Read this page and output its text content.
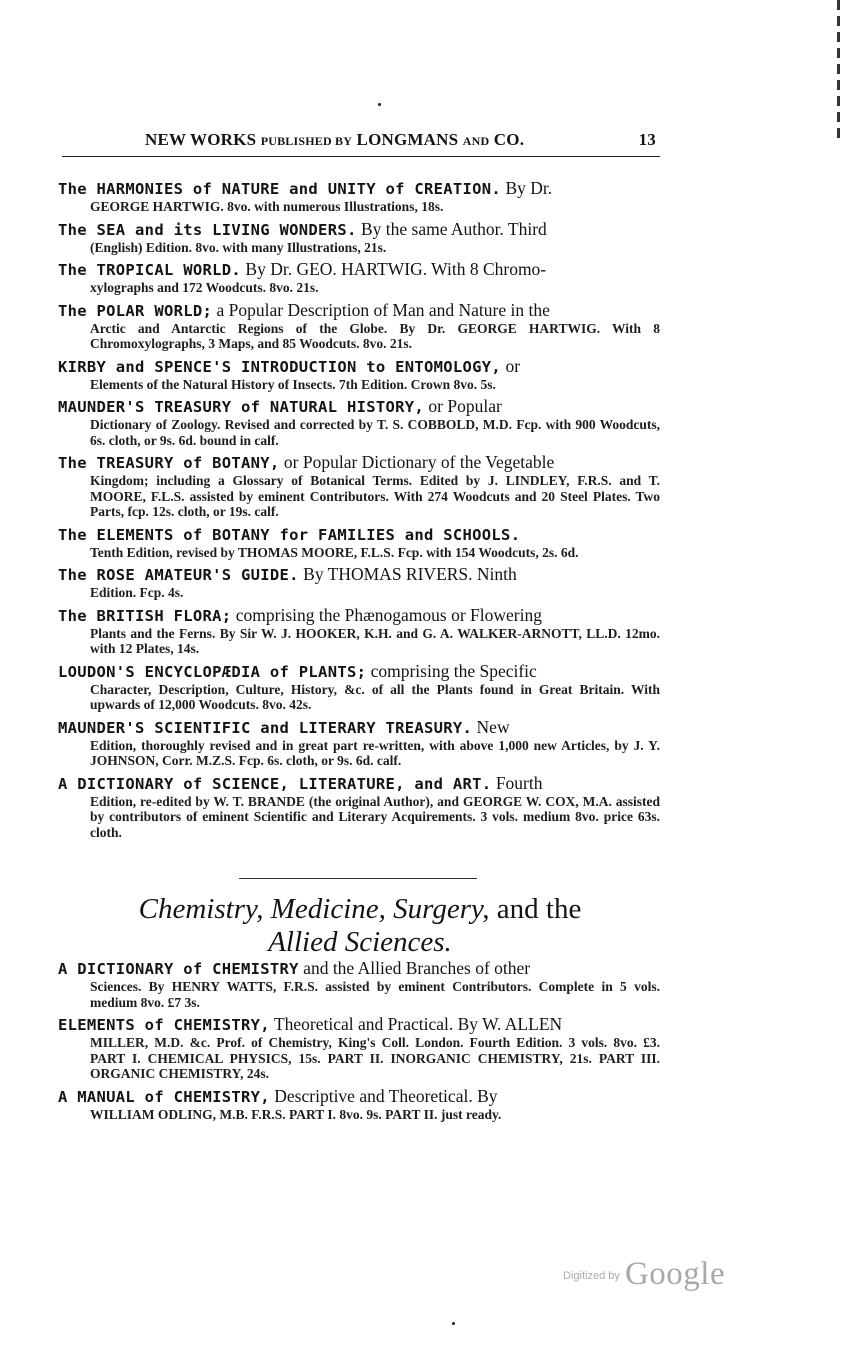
NEW WORKS PUBLISHED BY LONGMANS AND CO.	13
The HARMONIES of NATURE and UNITY of CREATION. By Dr.
GEORGE HARTWIG. 8vo. with numerous Illustrations, 18s.
The SEA and its LIVING WONDERS. By the same Author. Third
(English) Edition. 8vo. with many Illustrations, 21s.
The TROPICAL WORLD. By Dr. GEO. HARTWIG. With 8 Chromo-
xylographs and 172 Woodcuts. 8vo. 21s.
The POLAR WORLD; a Popular Description of Man and Nature in the
Arctic and Antarctic Regions of the Globe. By Dr. GEORGE HARTWIG. With 8 Chromoxylographs, 3 Maps, and 85 Woodcuts. 8vo. 21s.
KIRBY and SPENCE'S INTRODUCTION to ENTOMOLOGY, or
Elements of the Natural History of Insects. 7th Edition. Crown 8vo. 5s.
MAUNDER'S TREASURY of NATURAL HISTORY, or Popular
Dictionary of Zoology. Revised and corrected by T. S. COBBOLD, M.D. Fcp. with 900 Woodcuts, 6s. cloth, or 9s. 6d. bound in calf.
The TREASURY of BOTANY, or Popular Dictionary of the Vegetable
Kingdom; including a Glossary of Botanical Terms. Edited by J. LINDLEY, F.R.S. and T. MOORE, F.L.S. assisted by eminent Contributors. With 274 Woodcuts and 20 Steel Plates. Two Parts, fcp. 12s. cloth, or 19s. calf.
The ELEMENTS of BOTANY for FAMILIES and SCHOOLS.
Tenth Edition, revised by THOMAS MOORE, F.L.S. Fcp. with 154 Woodcuts, 2s. 6d.
The ROSE AMATEUR'S GUIDE. By THOMAS RIVERS. Ninth
Edition. Fcp. 4s.
The BRITISH FLORA; comprising the Phænogamous or Flowering
Plants and the Ferns. By Sir W. J. HOOKER, K.H. and G. A. WALKER-ARNOTT, LL.D. 12mo. with 12 Plates, 14s.
LOUDON'S ENCYCLOPÆDIA of PLANTS; comprising the Specific
Character, Description, Culture, History, &c. of all the Plants found in Great Britain. With upwards of 12,000 Woodcuts. 8vo. 42s.
MAUNDER'S SCIENTIFIC and LITERARY TREASURY. New
Edition, thoroughly revised and in great part re-written, with above 1,000 new Articles, by J. Y. JOHNSON, Corr. M.Z.S. Fcp. 6s. cloth, or 9s. 6d. calf.
A DICTIONARY of SCIENCE, LITERATURE, and ART. Fourth
Edition, re-edited by W. T. BRANDE (the original Author), and GEORGE W. COX, M.A. assisted by contributors of eminent Scientific and Literary Acquirements. 3 vols. medium 8vo. price 63s. cloth.
Chemistry, Medicine, Surgery, and the
Allied Sciences.
A DICTIONARY of CHEMISTRY and the Allied Branches of other
Sciences. By HENRY WATTS, F.R.S. assisted by eminent Contributors. Complete in 5 vols. medium 8vo. £7 3s.
ELEMENTS of CHEMISTRY, Theoretical and Practical. By W. ALLEN
MILLER, M.D. &c. Prof. of Chemistry, King's Coll. London. Fourth Edition. 3 vols. 8vo. £3. PART I. CHEMICAL PHYSICS, 15s. PART II. INORGANIC CHEMISTRY, 21s. PART III. ORGANIC CHEMISTRY, 24s.
A MANUAL of CHEMISTRY, Descriptive and Theoretical. By
WILLIAM ODLING, M.B. F.R.S. PART I. 8vo. 9s. PART II. just ready.
$^{Digitized by}$ Google
